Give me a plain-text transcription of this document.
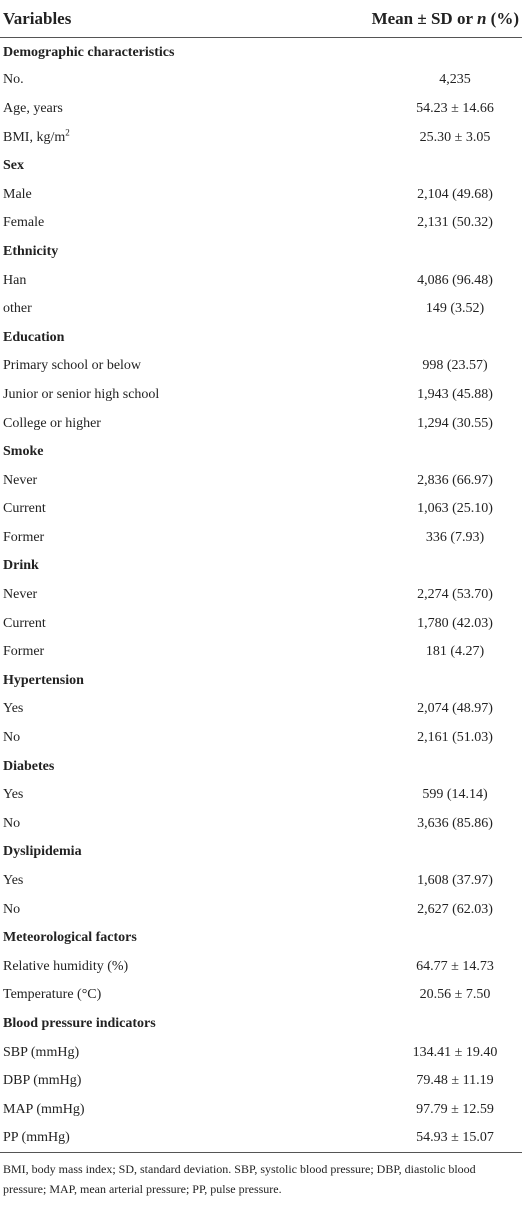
Variables	Mean ± SD or n (%)
Demographic characteristics	
No.	4,235
Age, years	54.23 ± 14.66
BMI, $kg/m^2$	25.30 ± 3.05
Sex	
Male	2,104 (49.68)
Female	2,131 (50.32)
Ethnicity	
Han	4,086 (96.48)
other	149 (3.52)
Education	
Primary school or below	998 (23.57)
Junior or senior high school	1,943 (45.88)
College or higher	1,294 (30.55)
Smoke	
Never	2,836 (66.97)
Current	1,063 (25.10)
Former	336 (7.93)
Drink	
Never	2,274 (53.70)
Current	1,780 (42.03)
Former	181 (4.27)
Hypertension	
Yes	2,074 (48.97)
No	2,161 (51.03)
Diabetes	
Yes	599 (14.14)
No	3,636 (85.86)
Dyslipidemia	
Yes	1,608 (37.97)
No	2,627 (62.03)
Meteorological factors	
Relative humidity (%)	64.77 ± 14.73
Temperature (°C)	20.56 ± 7.50
Blood pressure indicators	
SBP (mmHg)	134.41 ± 19.40
DBP (mmHg)	79.48 ± 11.19
MAP (mmHg)	97.79 ± 12.59
PP (mmHg)	54.93 ± 15.07
BMI, body mass index; SD, standard deviation. SBP, systolic blood pressure; DBP, diastolic blood pressure; MAP, mean arterial pressure; PP, pulse pressure.
